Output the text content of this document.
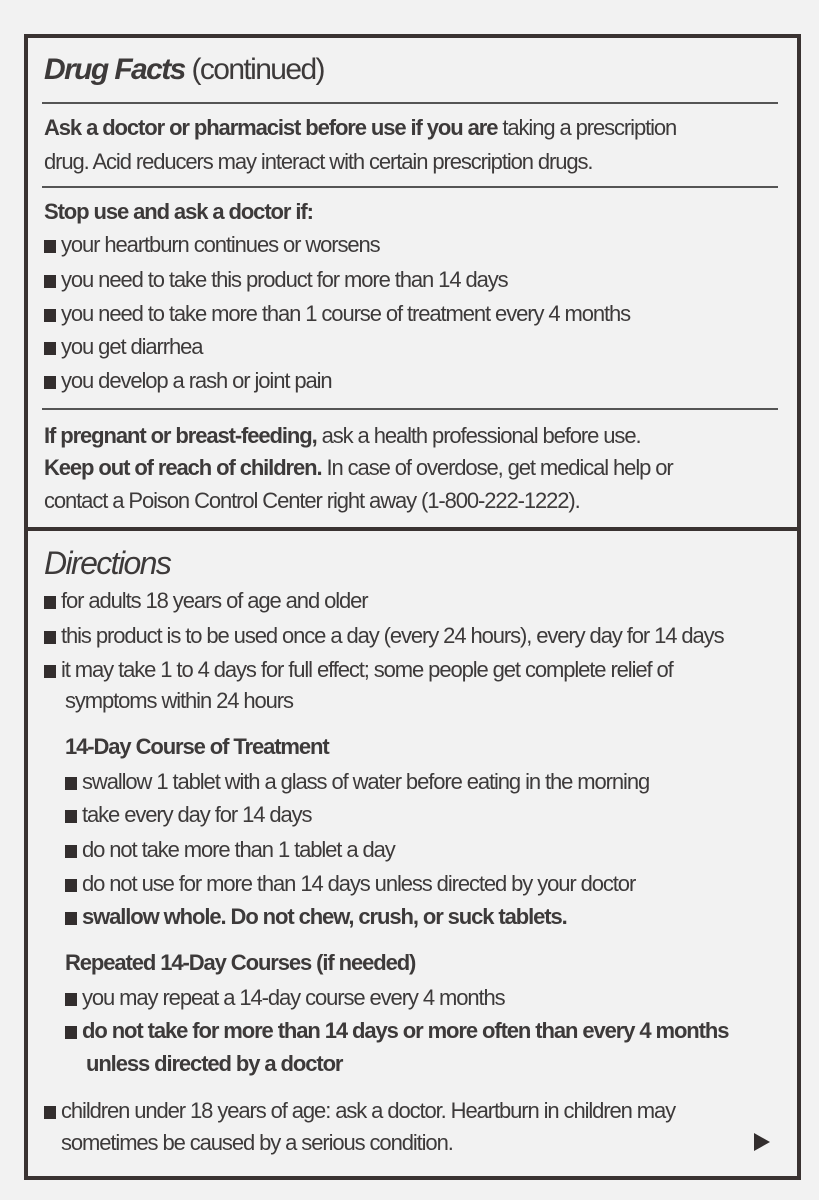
Drug Facts (continued)
Ask a doctor or pharmacist before use if you are taking a prescription
drug. Acid reducers may interact with certain prescription drugs.
Stop use and ask a doctor if:
your heartburn continues or worsens
you need to take this product for more than 14 days
you need to take more than 1 course of treatment every 4 months
you get diarrhea
you develop a rash or joint pain
If pregnant or breast-feeding, ask a health professional before use.
Keep out of reach of children. In case of overdose, get medical help or
contact a Poison Control Center right away (1-800-222-1222).
Directions
for adults 18 years of age and older
this product is to be used once a day (every 24 hours), every day for 14 days
it may take 1 to 4 days for full effect; some people get complete relief of
symptoms within 24 hours
14-Day Course of Treatment
swallow 1 tablet with a glass of water before eating in the morning
take every day for 14 days
do not take more than 1 tablet a day
do not use for more than 14 days unless directed by your doctor
swallow whole. Do not chew, crush, or suck tablets.
Repeated 14-Day Courses (if needed)
you may repeat a 14-day course every 4 months
do not take for more than 14 days or more often than every 4 months
unless directed by a doctor
children under 18 years of age: ask a doctor. Heartburn in children may
sometimes be caused by a serious condition.
